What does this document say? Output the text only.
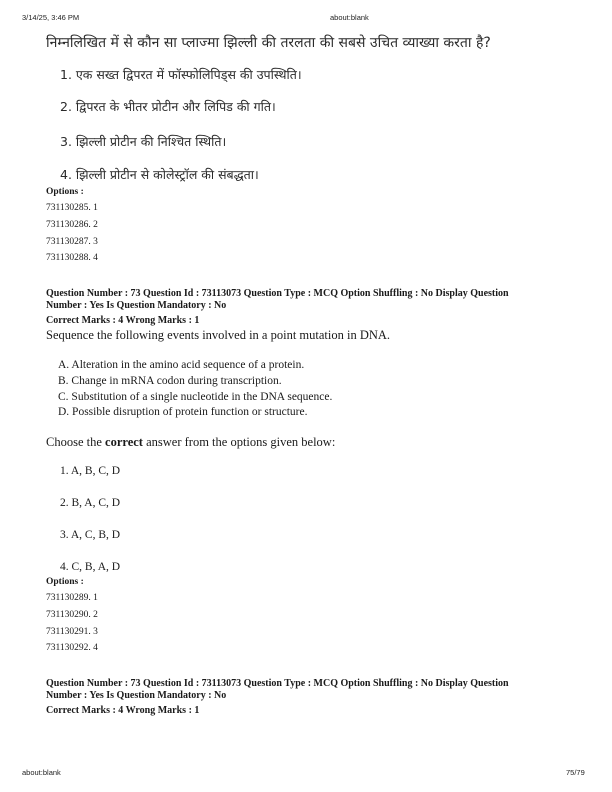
3/14/25, 3:46 PM	about:blank
निम्नलिखित में से कौन सा प्लाज्मा झिल्ली की तरलता की सबसे उचित व्याख्या करता है?
1. एक सख्त द्विपरत में फॉस्फोलिपिड्स की उपस्थिति।
2. द्विपरत के भीतर प्रोटीन और लिपिड की गति।
3. झिल्ली प्रोटीन की निश्चित स्थिति।
4. झिल्ली प्रोटीन से कोलेस्ट्रॉल की संबद्धता।
Options :
731130285. 1
731130286. 2
731130287. 3
731130288. 4
Question Number : 73 Question Id : 73113073 Question Type : MCQ Option Shuffling : No Display Question
Number : Yes Is Question Mandatory : No
Correct Marks : 4 Wrong Marks : 1
Sequence the following events involved in a point mutation in DNA.
A. Alteration in the amino acid sequence of a protein.
B. Change in mRNA codon during transcription.
C. Substitution of a single nucleotide in the DNA sequence.
D. Possible disruption of protein function or structure.
Choose the correct answer from the options given below:
1. A, B, C, D
2. B, A, C, D
3. A, C, B, D
4. C, B, A, D
Options :
731130289. 1
731130290. 2
731130291. 3
731130292. 4
Question Number : 73 Question Id : 73113073 Question Type : MCQ Option Shuffling : No Display Question
Number : Yes Is Question Mandatory : No
Correct Marks : 4 Wrong Marks : 1
about:blank	75/79
